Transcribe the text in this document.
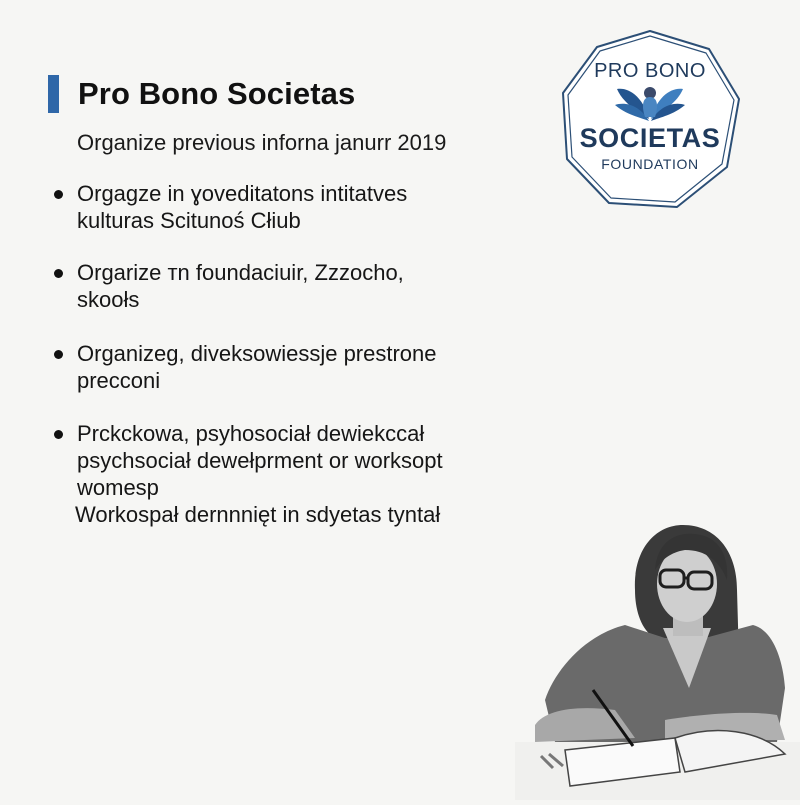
Pro Bono Societas

Organize previous inforna janurr 2019

Orgagze in ɣoveditatons intitatves
kulturas Scitunoś Cłiub
Orgarize тn foundaciuir, Zzzocho,
skoołs
Organizeg, diveksowiessje prestrone
precconi
Prckckowa, psyhosociał dewiekccał
psychsociał dewełprment or worksopt
womesp
Workospał dernnnięt in sdyetas tyntał
PRO BONO
SOCIETAS
FOUNDATION
